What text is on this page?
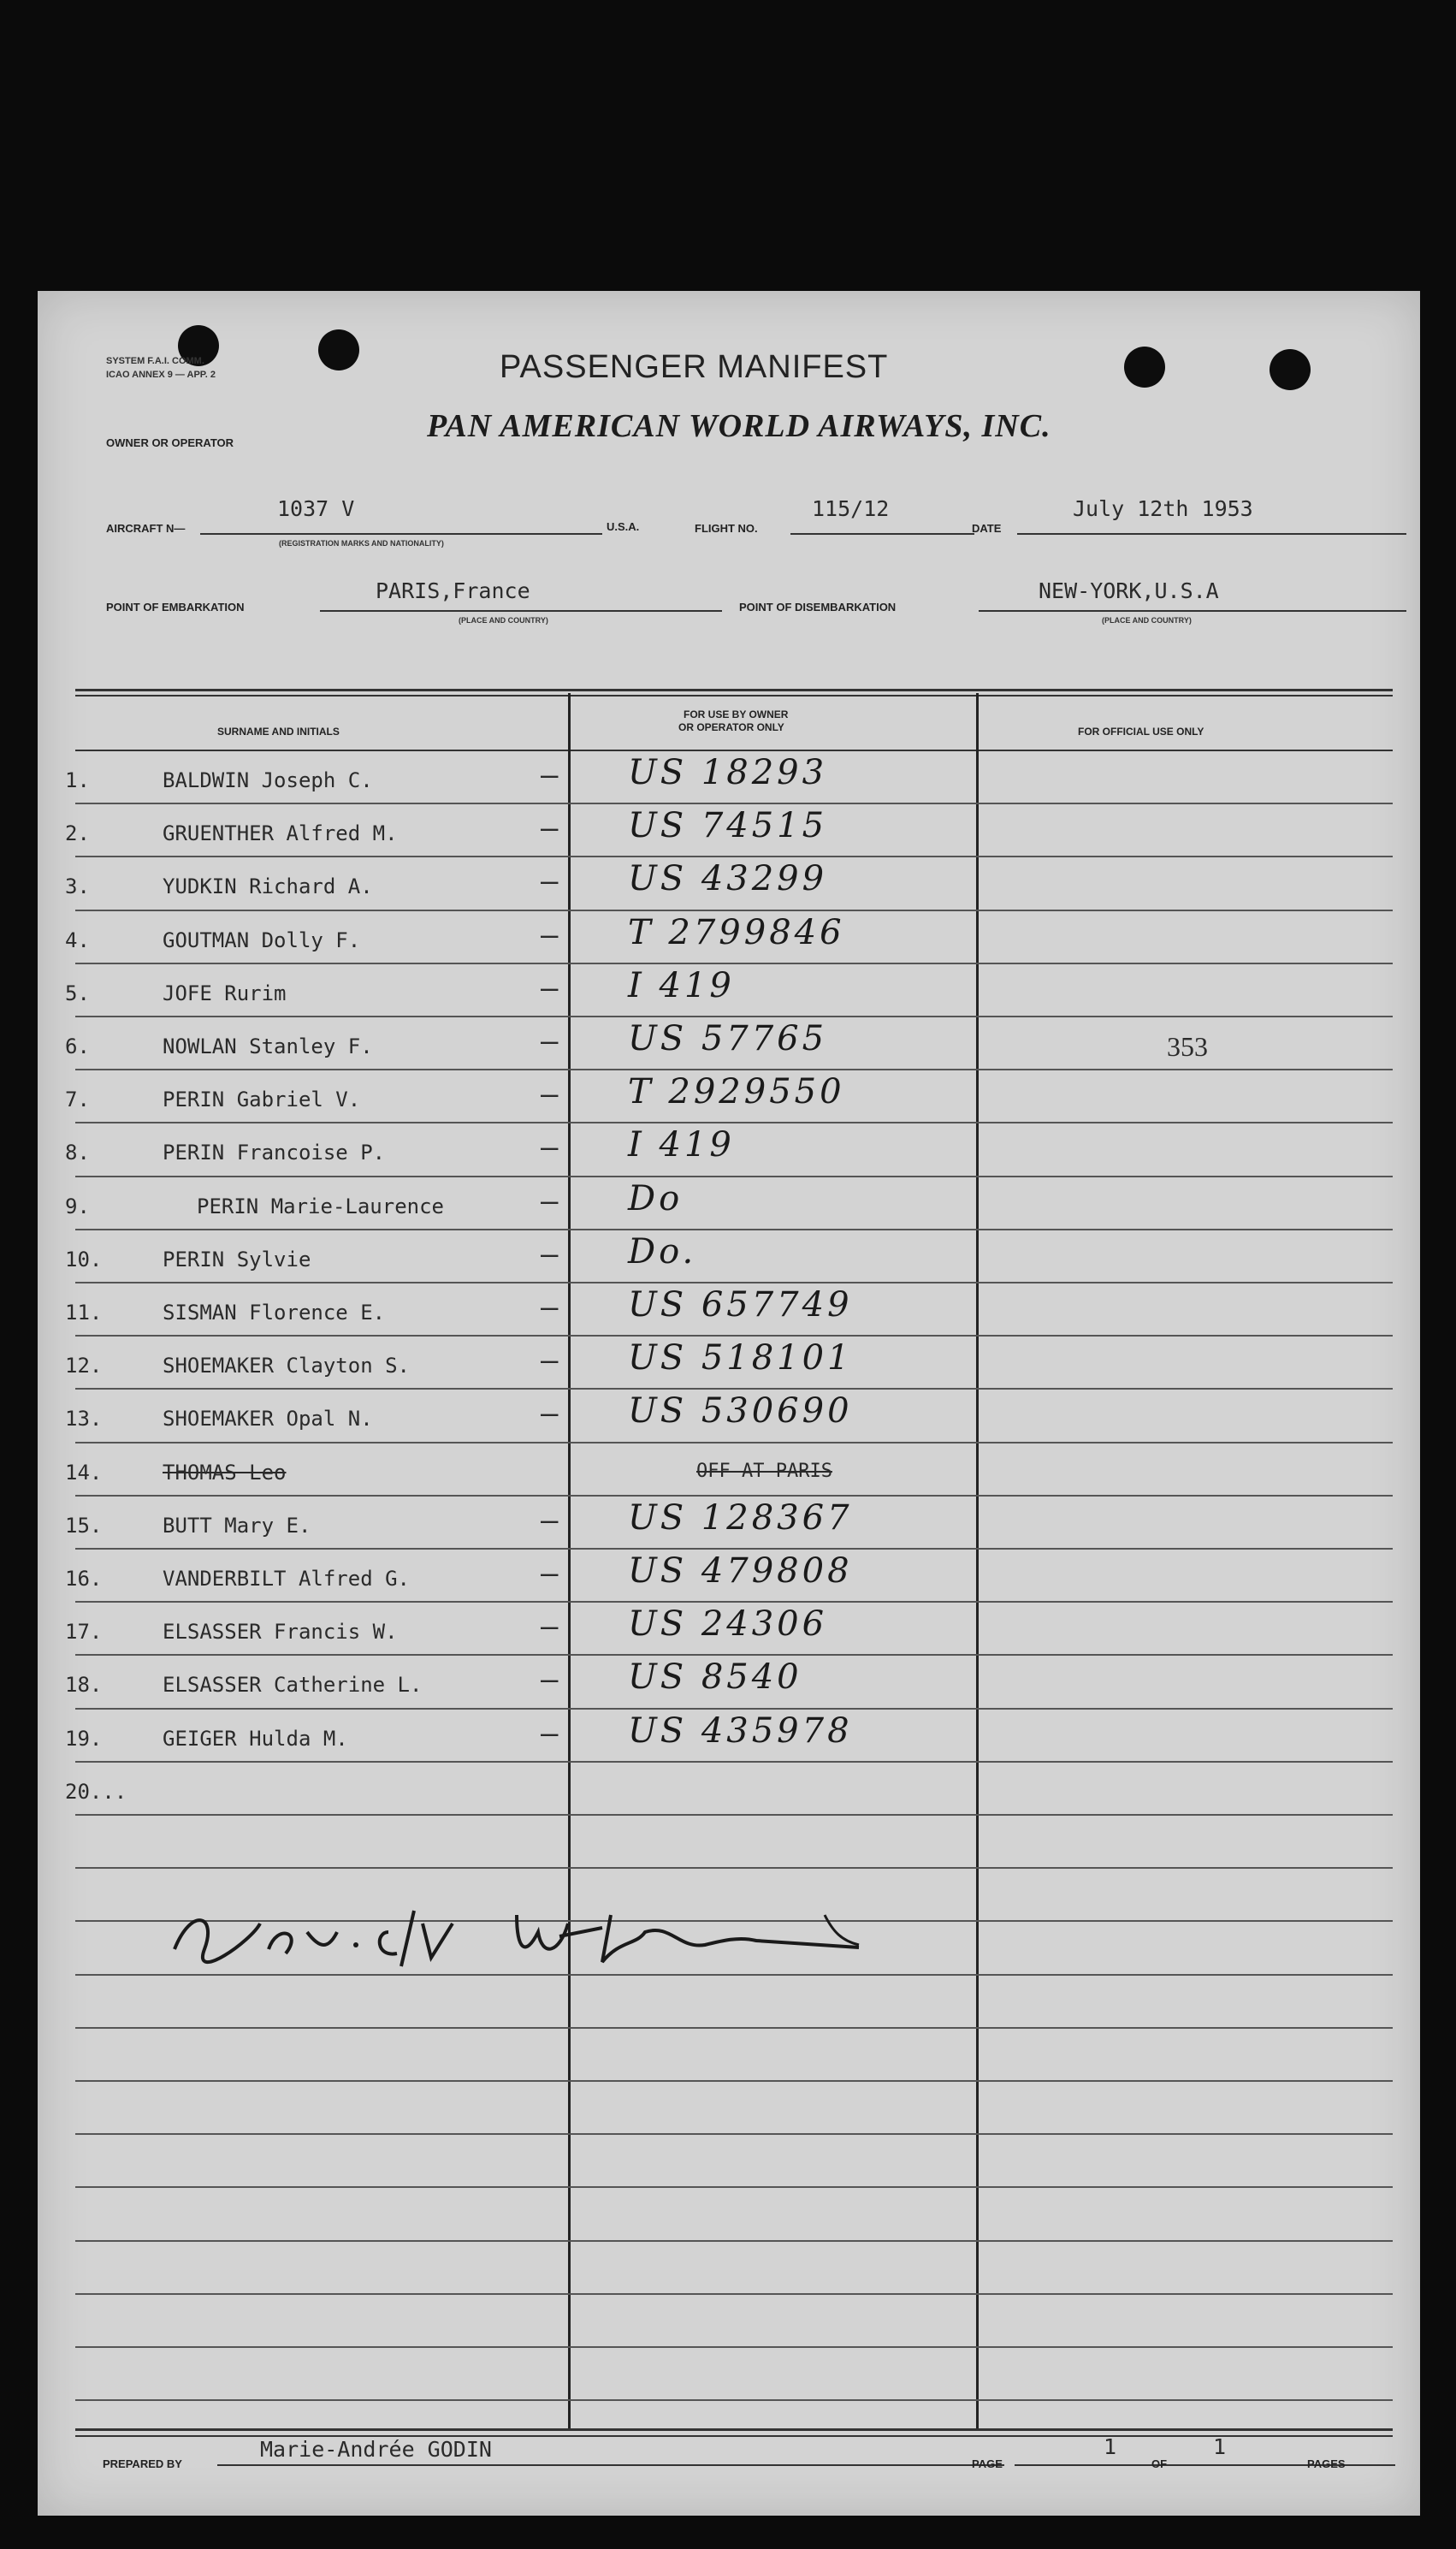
SYSTEM F.A.I. COMM.
ICAO ANNEX 9 — APP. 2	PASSENGER MANIFEST
OWNER OR OPERATOR	PAN AMERICAN WORLD AIRWAYS, INC.
AIRCRAFT N—
1037 V
(REGISTRATION MARKS AND NATIONALITY)
U.S.A.	FLIGHT NO.
115/12
DATE
July 12th 1953
POINT OF EMBARKATION
PARIS,France
(PLACE AND COUNTRY)
POINT OF DISEMBARKATION
NEW-YORK,U.S.A
(PLACE AND COUNTRY)
SURNAME AND INITIALS
FOR USE BY OWNER
OR OPERATOR ONLY	FOR OFFICIAL USE ONLY
1.	BALDWIN Joseph C.	— US 18293
2.	GRUENTHER Alfred M.	— US 74515
3.	YUDKIN Richard A.	— US 43299
4.	GOUTMAN Dolly F.	— T 2799846
5.	JOFE Rurim	— I 419
6.	NOWLAN Stanley F.	— US 57765	353
7.	PERIN Gabriel V.	— T 2929550
8.	PERIN Francoise P.	— I 419
9.	PERIN Marie-Laurence	— Do
10.	PERIN Sylvie	— Do.
11.	SISMAN Florence E.	— US 657749
12.	SHOEMAKER Clayton S.	— US 518101
13.	SHOEMAKER Opal N.	— US 530690
14.	THOMAS Leo	OFF AT PARIS
15.	BUTT Mary E.	— US 128367
16.	VANDERBILT Alfred G.	— US 479808
17.	ELSASSER Francis W.	— US 24306
18.	ELSASSER Catherine L.	— US 8540
19.	GEIGER Hulda M.	— US 435978
20...
PREPARED BY
Marie-Andrée GODIN
PAGE
1
OF
1
PAGES
